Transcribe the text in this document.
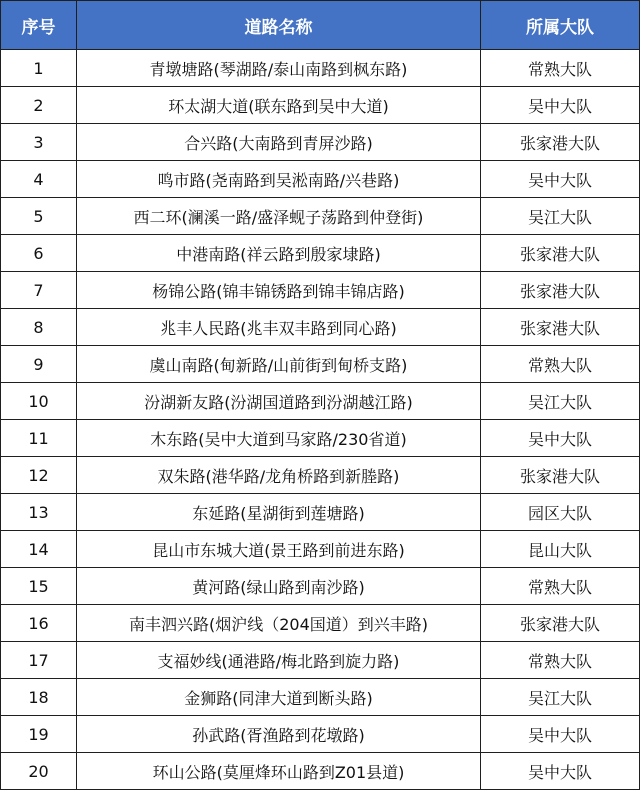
序号	道路名称	所属大队
1	青墩塘路(琴湖路/泰山南路到枫东路)	常熟大队
2	环太湖大道(联东路到吴中大道)	吴中大队
3	合兴路(大南路到青屏沙路)	张家港大队
4	鸣市路(尧南路到吴淞南路/兴巷路)	吴中大队
5	西二环(澜溪一路/盛泽蚬子荡路到仲登街)	吴江大队
6	中港南路(祥云路到殷家埭路)	张家港大队
7	杨锦公路(锦丰锦锈路到锦丰锦店路)	张家港大队
8	兆丰人民路(兆丰双丰路到同心路)	张家港大队
9	虞山南路(甸新路/山前街到甸桥支路)	常熟大队
10	汾湖新友路(汾湖国道路到汾湖越江路)	吴江大队
11	木东路(吴中大道到马家路/230省道)	吴中大队
12	双朱路(港华路/龙角桥路到新塍路)	张家港大队
13	东延路(星湖街到莲塘路)	园区大队
14	昆山市东城大道(景王路到前进东路)	昆山大队
15	黄河路(绿山路到南沙路)	常熟大队
16	南丰泗兴路(烟沪线（204国道）到兴丰路)	张家港大队
17	支福妙线(通港路/梅北路到旋力路)	常熟大队
18	金狮路(同津大道到断头路)	吴江大队
19	孙武路(胥渔路到花墩路)	吴中大队
20	环山公路(莫厘烽环山路到Z01县道)	吴中大队
